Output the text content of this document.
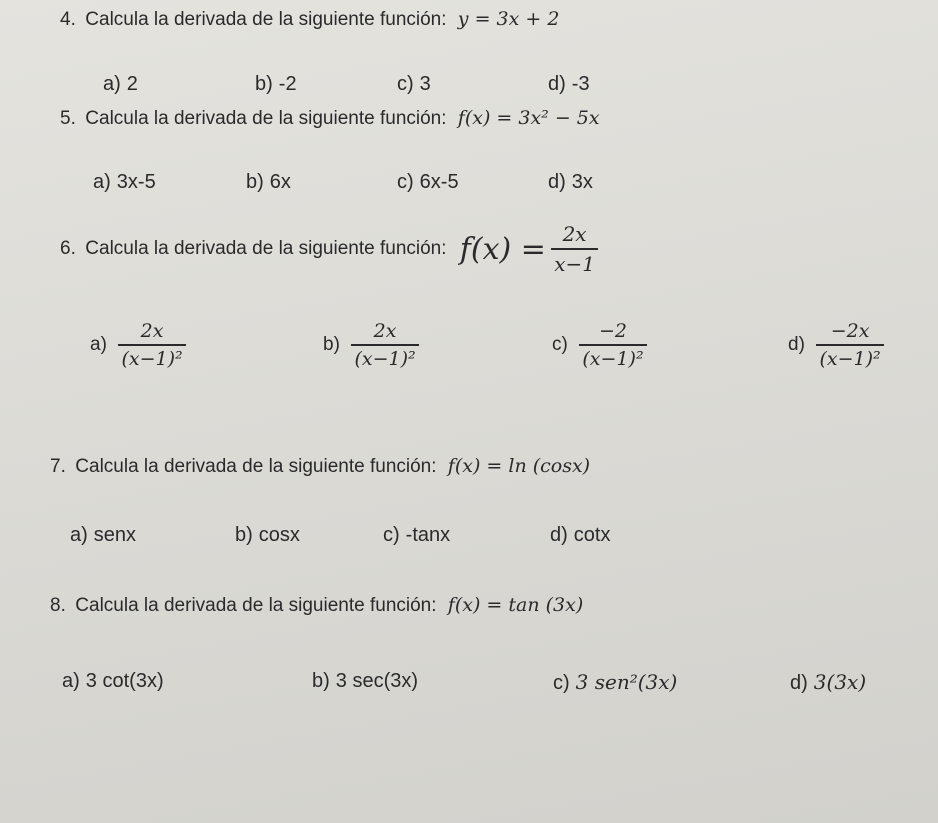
4. Calcula la derivada de la siguiente función: y = 3x + 2
a) 2	b) -2	c) 3	d) -3
5. Calcula la derivada de la siguiente función: f(x) = 3x² − 5x
a) 3x-5	b) 6x	c) 6x-5	d) 3x
6. Calcula la derivada de la siguiente función: $f(x) = \frac{2x}{x-1}$
$a) \frac{2x}{\text{(x−1)²}}$	$b) \frac{2x}{\text{(x−1)²}}$	$c) \frac{-2}{\text{(x−1)²}}$	$d) \frac{-2x}{\text{(x−1)²}}$
7. Calcula la derivada de la siguiente función: f(x) = ln (cosx)
a) senx	b) cosx	c) -tanx	d) cotx
8. Calcula la derivada de la siguiente función: f(x) = tan (3x)
a) 3 cot(3x)	b) 3 sec(3x)	c) 3 sen²(3x)	d) 3(3x)
